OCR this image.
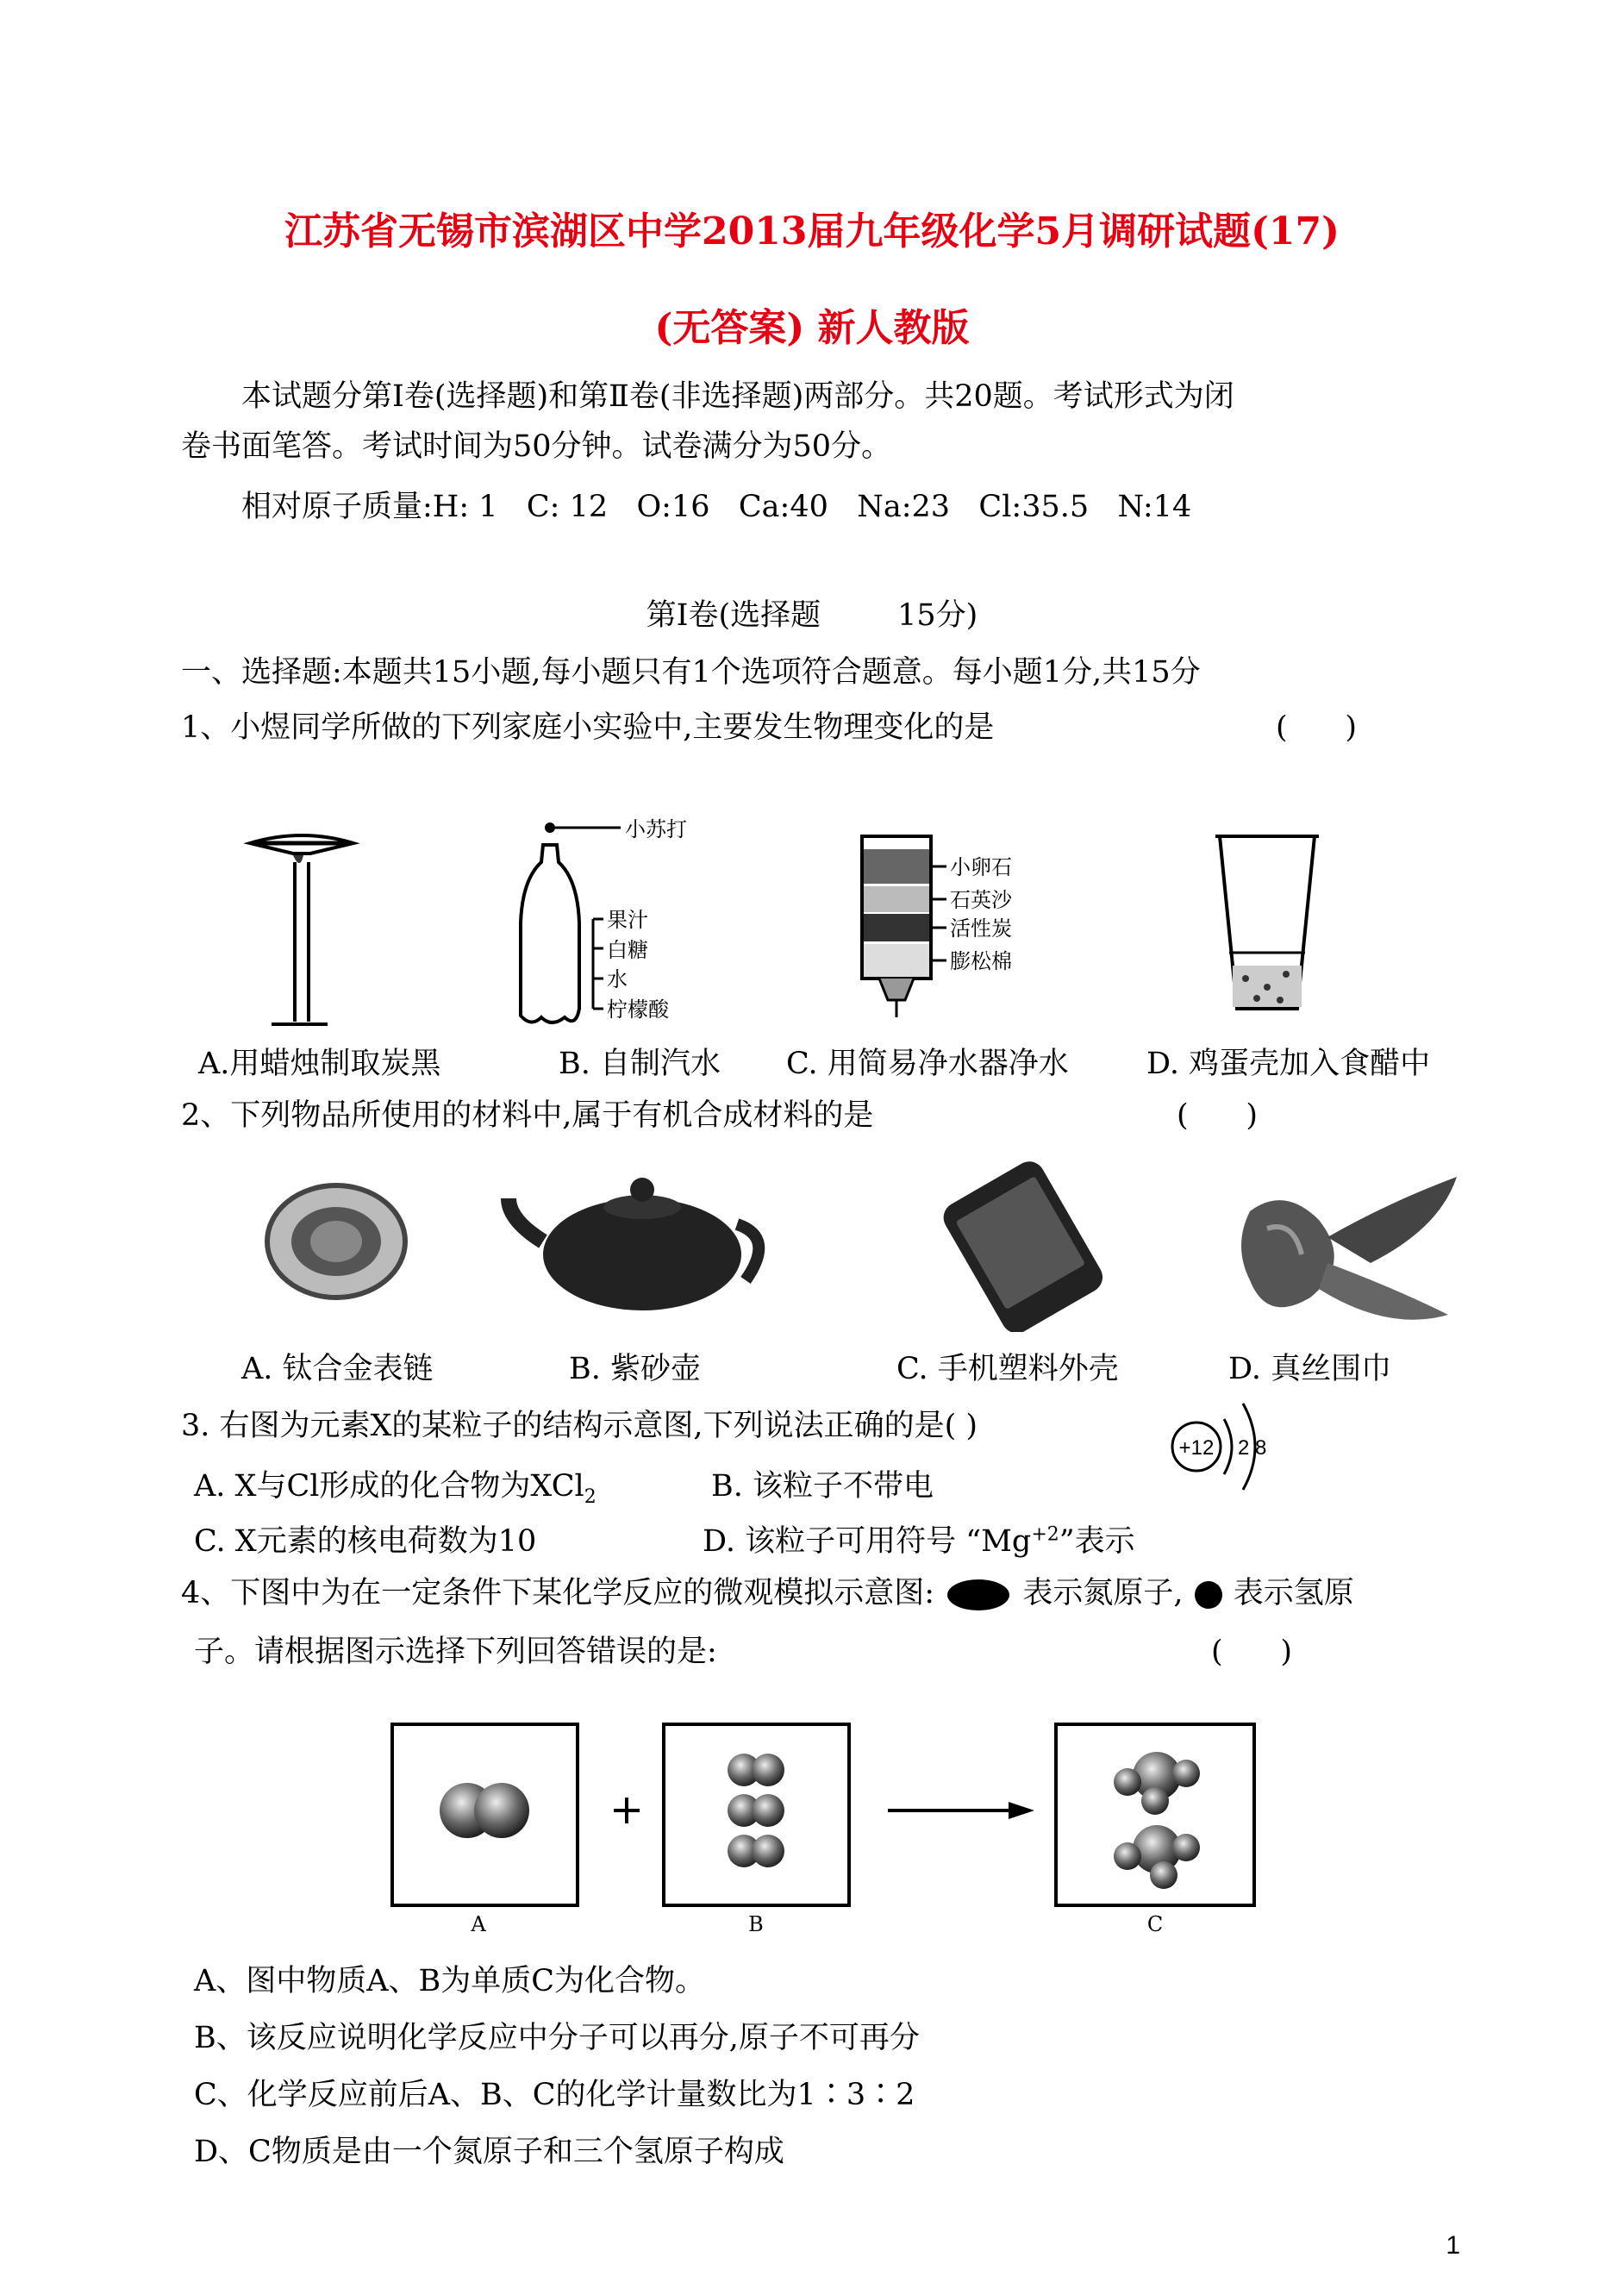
江苏省无锡市滨湖区中学2013届九年级化学5月调研试题(17)
(无答案) 新人教版
本试题分第Ⅰ卷(选择题)和第Ⅱ卷(非选择题)两部分。共20题。考试形式为闭
卷书面笔答。考试时间为50分钟。试卷满分为50分。
相对原子质量:H: 1   C: 12   O:16   Ca:40   Na:23   Cl:35.5   N:14
第Ⅰ卷(选择题        15分)
一、选择题:本题共15小题,每小题只有1个选项符合题意。每小题1分,共15分
1、小煜同学所做的下列家庭小实验中,主要发生物理变化的是	(      )
小苏打
果汁
白糖
水
柠檬酸
小卵石
石英沙
活性炭
膨松棉
A.用蜡烛制取炭黑	B. 自制汽水 C. 用简易净水器净水	D. 鸡蛋壳加入食醋中
2、下列物品所使用的材料中,属于有机合成材料的是	(      )
A. 钛合金表链	B. 紫砂壶	C. 手机塑料外壳	D. 真丝围巾
3. 右图为元素X的某粒子的结构示意图,下列说法正确的是( )
+12 2 8
A. X与Cl形成的化合物为XCl$_2$	B. 该粒子不带电
C. X元素的核电荷数为10	D. 该粒子可用符号 “$Mg^{+2}$”表示
4、下图中为在一定条件下某化学反应的微观模拟示意图:	表示氮原子, 表示氢原
子。请根据图示选择下列回答错误的是:	(      )
A	B	C
A、图中物质A、B为单质C为化合物。
B、该反应说明化学反应中分子可以再分,原子不可再分
C、化学反应前后A、B、C的化学计量数比为1∶3∶2
D、C物质是由一个氮原子和三个氢原子构成
1
